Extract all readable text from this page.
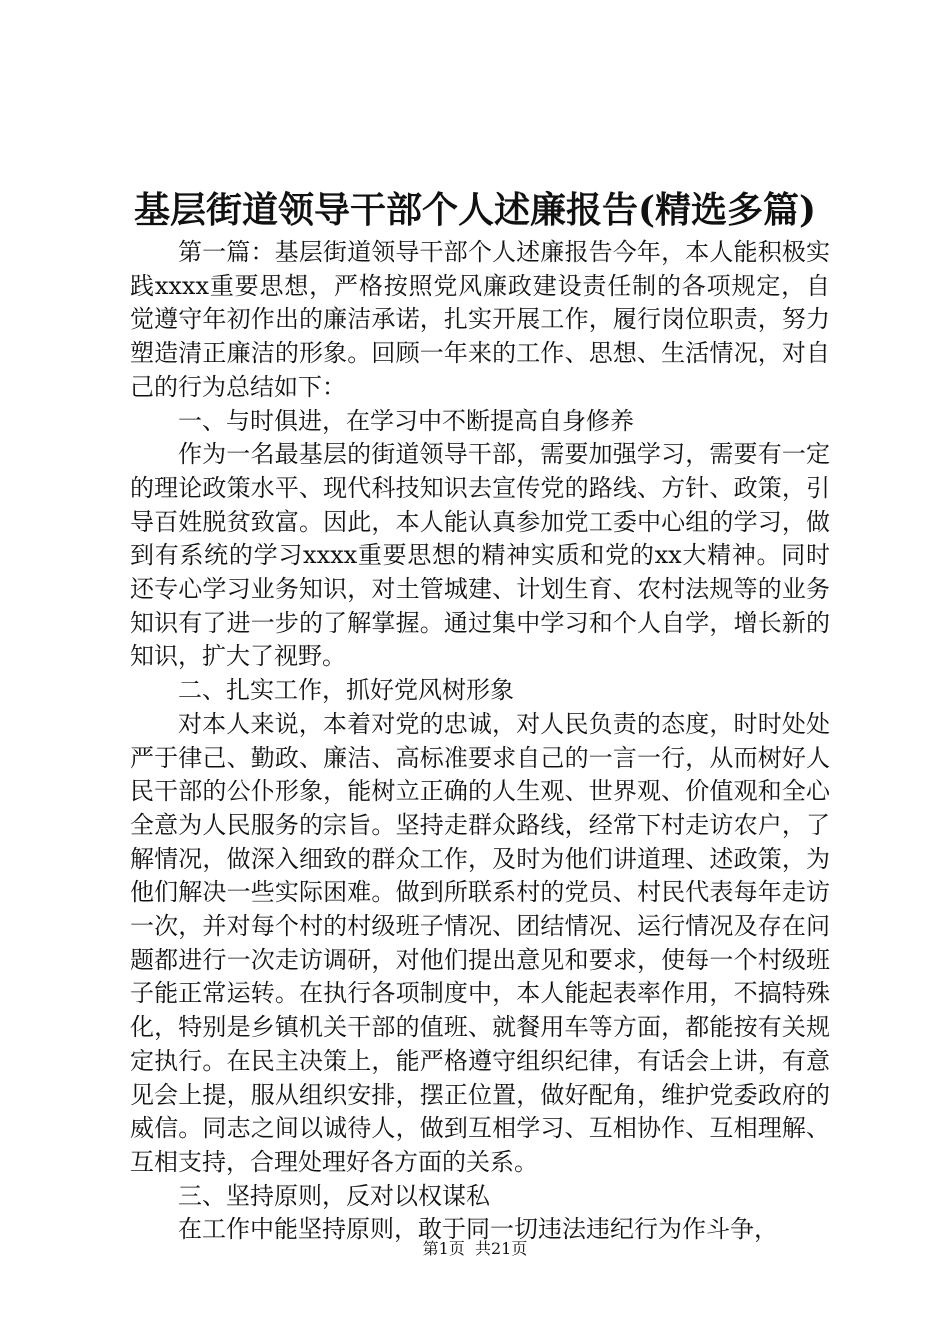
基层街道领导干部个人述廉报告(精选多篇)

第一篇：基层街道领导干部个人述廉报告今年，本人能积极实践xxxx重要思想，严格按照党风廉政建设责任制的各项规定，自觉遵守年初作出的廉洁承诺，扎实开展工作，履行岗位职责，努力塑造清正廉洁的形象。回顾一年来的工作、思想、生活情况，对自己的行为总结如下：

一、与时俱进，在学习中不断提高自身修养

作为一名最基层的街道领导干部，需要加强学习，需要有一定的理论政策水平、现代科技知识去宣传党的路线、方针、政策，引导百姓脱贫致富。因此，本人能认真参加党工委中心组的学习，做到有系统的学习xxxx重要思想的精神实质和党的xx大精神。同时还专心学习业务知识，对土管城建、计划生育、农村法规等的业务知识有了进一步的了解掌握。通过集中学习和个人自学，增长新的知识，扩大了视野。

二、扎实工作，抓好党风树形象

对本人来说，本着对党的忠诚，对人民负责的态度，时时处处严于律己、勤政、廉洁、高标准要求自己的一言一行，从而树好人民干部的公仆形象，能树立正确的人生观、世界观、价值观和全心全意为人民服务的宗旨。坚持走群众路线，经常下村走访农户，了解情况，做深入细致的群众工作，及时为他们讲道理、述政策，为他们解决一些实际困难。做到所联系村的党员、村民代表每年走访一次，并对每个村的村级班子情况、团结情况、运行情况及存在问题都进行一次走访调研，对他们提出意见和要求，使每一个村级班子能正常运转。在执行各项制度中，本人能起表率作用，不搞特殊化，特别是乡镇机关干部的值班、就餐用车等方面，都能按有关规定执行。在民主决策上，能严格遵守组织纪律，有话会上讲，有意见会上提，服从组织安排，摆正位置，做好配角，维护党委政府的威信。同志之间以诚待人，做到互相学习、互相协作、互相理解、互相支持，合理处理好各方面的关系。

三、坚持原则，反对以权谋私

在工作中能坚持原则，敢于同一切违法违纪行为作斗争，

第1页  共21页
